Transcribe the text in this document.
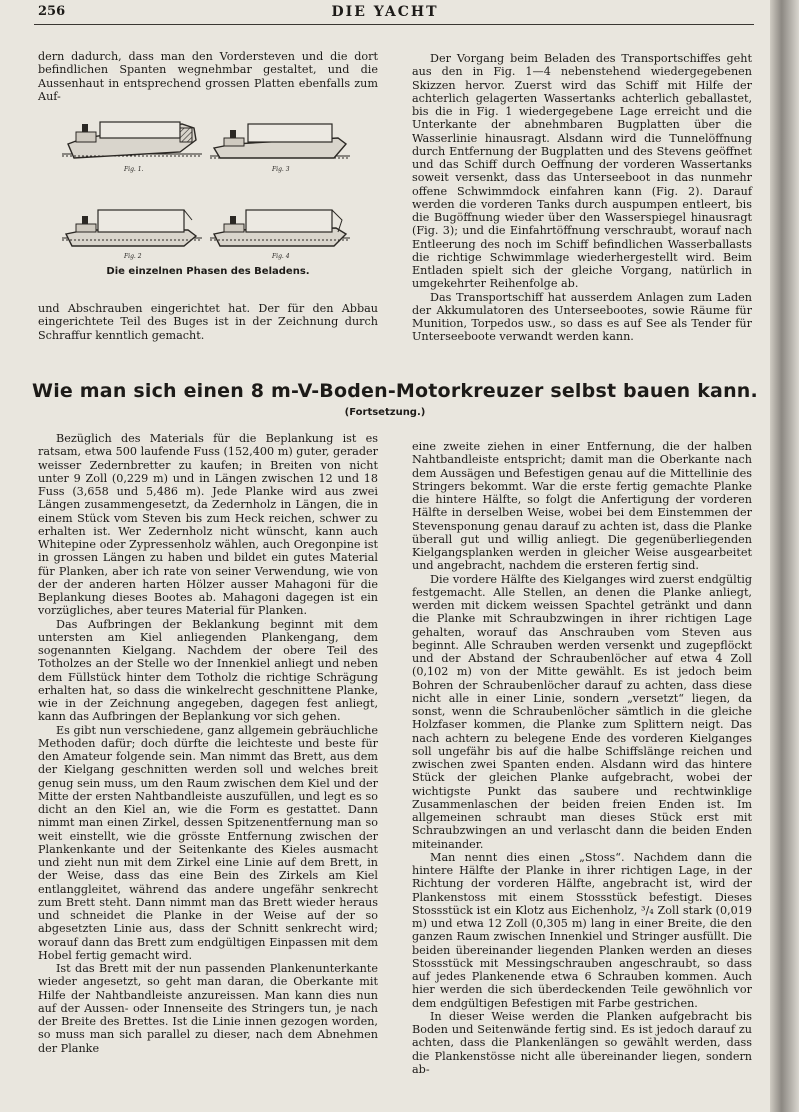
256	DIE YACHT

dern dadurch, dass man den Vordersteven und die dort befindlichen Spanten wegnehmbar gestaltet, und die Aussenhaut in entsprechend grossen Platten ebenfalls zum Auf-

Fig. 1.	Fig. 3
Fig. 2	Fig. 4
Die einzelnen Phasen des Beladens.

und Abschrauben eingerichtet hat. Der für den Abbau eingerichtete Teil des Buges ist in der Zeichnung durch Schraffur kenntlich gemacht.

Der Vorgang beim Beladen des Transportschiffes geht aus den in Fig. 1—4 nebenstehend wiedergegebenen Skizzen hervor. Zuerst wird das Schiff mit Hilfe der achterlich gelagerten Wassertanks achterlich geballastet, bis die in Fig. 1 wiedergegebene Lage erreicht und die Unterkante der abnehmbaren Bugplatten über die Wasserlinie hinausragt. Alsdann wird die Tunnelöffnung durch Entfernung der Bugplatten und des Stevens geöffnet und das Schiff durch Oeffnung der vorderen Wassertanks soweit versenkt, dass das Unterseeboot in das nunmehr offene Schwimmdock einfahren kann (Fig. 2). Darauf werden die vorderen Tanks durch auspumpen entleert, bis die Bugöffnung wieder über den Wasserspiegel hinausragt (Fig. 3); und die Einfahrtöffnung verschraubt, worauf nach Entleerung des noch im Schiff befindlichen Wasserballasts die richtige Schwimmlage wiederhergestellt wird. Beim Entladen spielt sich der gleiche Vorgang, natürlich in umgekehrter Reihenfolge ab.

Das Transportschiff hat ausserdem Anlagen zum Laden der Akkumulatoren des Unterseebootes, sowie Räume für Munition, Torpedos usw., so dass es auf See als Tender für Unterseeboote verwandt werden kann.

Wie man sich einen 8 m-V-Boden-Motorkreuzer selbst bauen kann.
(Fortsetzung.)

Bezüglich des Materials für die Beplankung ist es ratsam, etwa 500 laufende Fuss (152,400 m) guter, gerader weisser Zedernbretter zu kaufen; in Breiten von nicht unter 9 Zoll (0,229 m) und in Längen zwischen 12 und 18 Fuss (3,658 und 5,486 m). Jede Planke wird aus zwei Längen zusammengesetzt, da Zedernholz in Längen, die in einem Stück vom Steven bis zum Heck reichen, schwer zu erhalten ist. Wer Zedernholz nicht wünscht, kann auch Whitepine oder Zypressenholz wählen, auch Oregonpine ist in grossen Längen zu haben und bildet ein gutes Material für Planken, aber ich rate von seiner Verwendung, wie von der der anderen harten Hölzer ausser Mahagoni für die Beplankung dieses Bootes ab. Mahagoni dagegen ist ein vorzügliches, aber teures Material für Planken.

Das Aufbringen der Beklankung beginnt mit dem untersten am Kiel anliegenden Plankengang, dem sogenannten Kielgang. Nachdem der obere Teil des Totholzes an der Stelle wo der Innenkiel anliegt und neben dem Füllstück hinter dem Totholz die richtige Schrägung erhalten hat, so dass die winkelrecht geschnittene Planke, wie in der Zeichnung angegeben, dagegen fest anliegt, kann das Aufbringen der Beplankung vor sich gehen.

Es gibt nun verschiedene, ganz allgemein gebräuchliche Methoden dafür; doch dürfte die leichteste und beste für den Amateur folgende sein. Man nimmt das Brett, aus dem der Kielgang geschnitten werden soll und welches breit genug sein muss, um den Raum zwischen dem Kiel und der Mitte der ersten Nahtbandleiste auszufüllen, und legt es so dicht an den Kiel an, wie die Form es gestattet. Dann nimmt man einen Zirkel, dessen Spitzenentfernung man so weit einstellt, wie die grösste Entfernung zwischen der Plankenkante und der Seitenkante des Kieles ausmacht und zieht nun mit dem Zirkel eine Linie auf dem Brett, in der Weise, dass das eine Bein des Zirkels am Kiel entlanggleitet, während das andere ungefähr senkrecht zum Brett steht. Dann nimmt man das Brett wieder heraus und schneidet die Planke in der Weise auf der so abgesetzten Linie aus, dass der Schnitt senkrecht wird; worauf dann das Brett zum endgültigen Einpassen mit dem Hobel fertig gemacht wird.

Ist das Brett mit der nun passenden Plankenunterkante wieder angesetzt, so geht man daran, die Oberkante mit Hilfe der Nahtbandleiste anzureissen. Man kann dies nun auf der Aussen- oder Innenseite des Stringers tun, je nach der Breite des Brettes. Ist die Linie innen gezogen worden, so muss man sich parallel zu dieser, nach dem Abnehmen der Planke

eine zweite ziehen in einer Entfernung, die der halben Nahtbandleiste entspricht; damit man die Oberkante nach dem Aussägen und Befestigen genau auf die Mittellinie des Stringers bekommt. War die erste fertig gemachte Planke die hintere Hälfte, so folgt die Anfertigung der vorderen Hälfte in derselben Weise, wobei bei dem Einstemmen der Stevensponung genau darauf zu achten ist, dass die Planke überall gut und willig anliegt. Die gegenüberliegenden Kielgangsplanken werden in gleicher Weise ausgearbeitet und angebracht, nachdem die ersteren fertig sind.

Die vordere Hälfte des Kielganges wird zuerst endgültig festgemacht. Alle Stellen, an denen die Planke anliegt, werden mit dickem weissen Spachtel getränkt und dann die Planke mit Schraubzwingen in ihrer richtigen Lage gehalten, worauf das Anschrauben vom Steven aus beginnt. Alle Schrauben werden versenkt und zugepflöckt und der Abstand der Schraubenlöcher auf etwa 4 Zoll (0,102 m) von der Mitte gewählt. Es ist jedoch beim Bohren der Schraubenlöcher darauf zu achten, dass diese nicht alle in einer Linie, sondern „versetzt“ liegen, da sonst, wenn die Schraubenlöcher sämtlich in die gleiche Holzfaser kommen, die Planke zum Splittern neigt. Das nach achtern zu belegene Ende des vorderen Kielganges soll ungefähr bis auf die halbe Schiffslänge reichen und zwischen zwei Spanten enden. Alsdann wird das hintere Stück der gleichen Planke aufgebracht, wobei der wichtigste Punkt das saubere und rechtwinklige Zusammenlaschen der beiden freien Enden ist. Im allgemeinen schraubt man dieses Stück erst mit Schraubzwingen an und verlascht dann die beiden Enden miteinander.

Man nennt dies einen „Stoss“. Nachdem dann die hintere Hälfte der Planke in ihrer richtigen Lage, in der Richtung der vorderen Hälfte, angebracht ist, wird der Plankenstoss mit einem Stossstück befestigt. Dieses Stossstück ist ein Klotz aus Eichenholz, ³/₄ Zoll stark (0,019 m) und etwa 12 Zoll (0,305 m) lang in einer Breite, die den ganzen Raum zwischen Innenkiel und Stringer ausfüllt. Die beiden übereinander liegenden Planken werden an dieses Stossstück mit Messingschrauben angeschraubt, so dass auf jedes Plankenende etwa 6 Schrauben kommen. Auch hier werden die sich überdeckenden Teile gewöhnlich vor dem endgültigen Befestigen mit Farbe gestrichen.

In dieser Weise werden die Planken aufgebracht bis Boden und Seitenwände fertig sind. Es ist jedoch darauf zu achten, dass die Plankenlängen so gewählt werden, dass die Plankenstösse nicht alle übereinander liegen, sondern ab-
